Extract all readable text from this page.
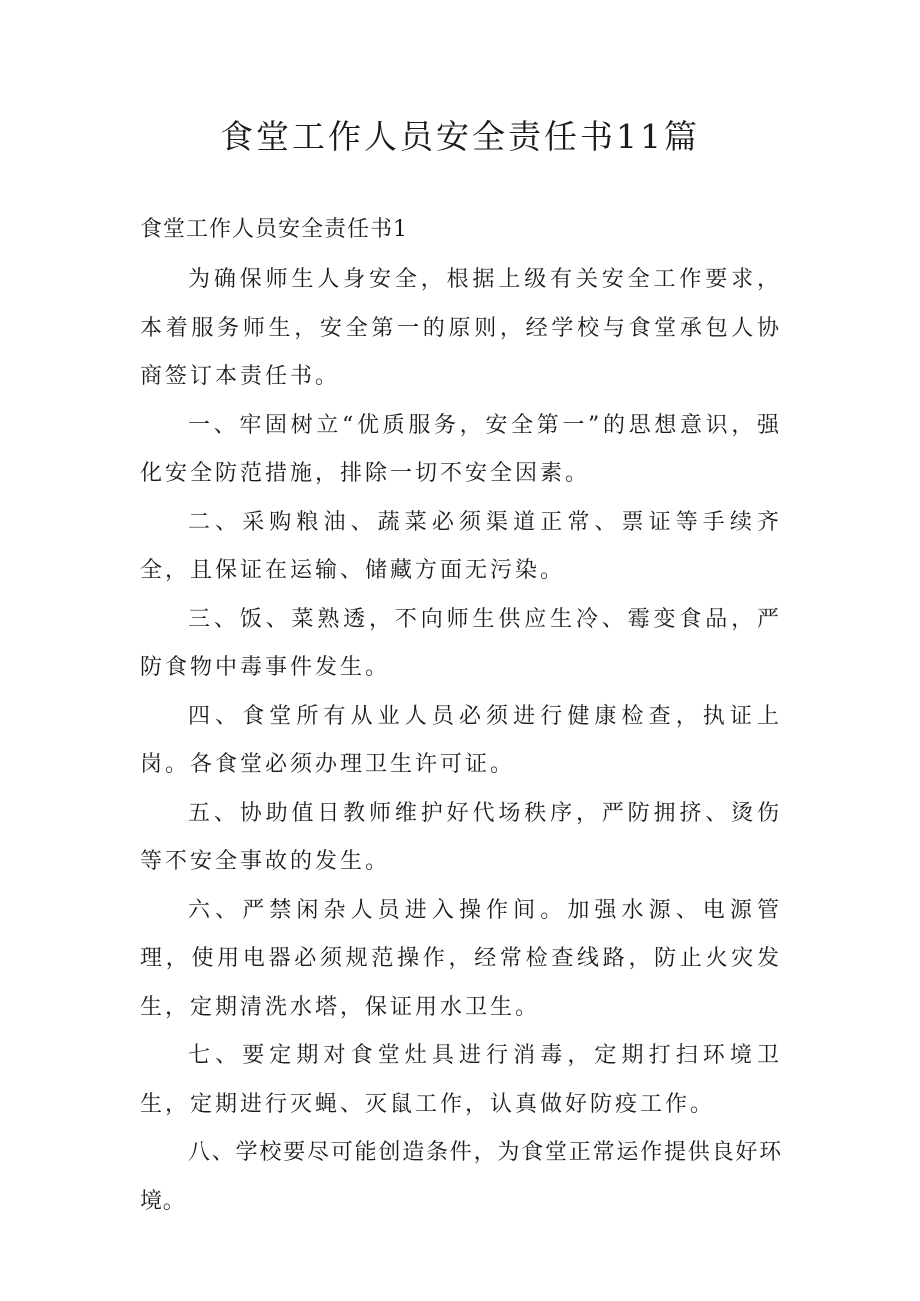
食堂工作人员安全责任书11篇
食堂工作人员安全责任书1

为确保师生人身安全，根据上级有关安全工作要求，本着服务师生，安全第一的原则，经学校与食堂承包人协商签订本责任书。

一、牢固树立“优质服务，安全第一”的思想意识，强化安全防范措施，排除一切不安全因素。

二、采购粮油、蔬菜必须渠道正常、票证等手续齐全，且保证在运输、储藏方面无污染。

三、饭、菜熟透，不向师生供应生冷、霉变食品，严防食物中毒事件发生。

四、食堂所有从业人员必须进行健康检查，执证上岗。各食堂必须办理卫生许可证。

五、协助值日教师维护好代场秩序，严防拥挤、烫伤等不安全事故的发生。

六、严禁闲杂人员进入操作间。加强水源、电源管理，使用电器必须规范操作，经常检查线路，防止火灾发生，定期清洗水塔，保证用水卫生。

七、要定期对食堂灶具进行消毒，定期打扫环境卫生，定期进行灭蝇、灭鼠工作，认真做好防疫工作。

八、学校要尽可能创造条件，为食堂正常运作提供良好环境。
